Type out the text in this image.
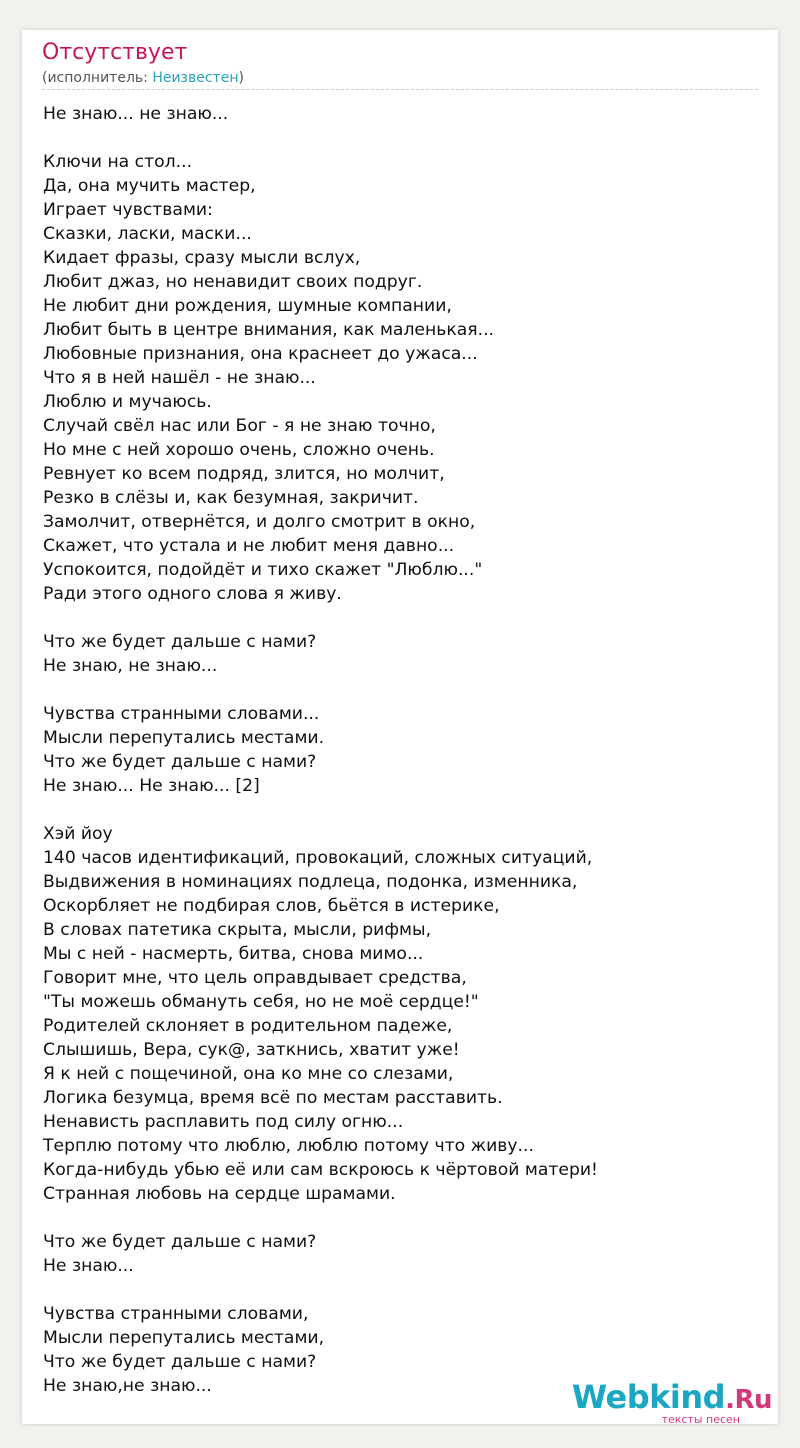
Отсутствует
(исполнитель: Неизвестен)
Не знаю... не знаю...
Ключи на стол...
Да, она мучить мастер,
Играет чувствами:
Сказки, ласки, маски...
Кидает фразы, сразу мысли вслух,
Любит джаз, но ненавидит своих подруг.
Не любит дни рождения, шумные компании,
Любит быть в центре внимания, как маленькая...
Любовные признания, она краснеет до ужаса...
Что я в ней нашёл - не знаю...
Люблю и мучаюсь.
Случай свёл нас или Бог - я не знаю точно,
Но мне с ней хорошо очень, сложно очень.
Ревнует ко всем подряд, злится, но молчит,
Резко в слёзы и, как безумная, закричит.
Замолчит, отвернётся, и долго смотрит в окно,
Скажет, что устала и не любит меня давно...
Успокоится, подойдёт и тихо скажет "Люблю..."
Ради этого одного слова я живу.
Что же будет дальше с нами?
Не знаю, не знаю...
Чувства странными словами...
Мысли перепутались местами.
Что же будет дальше с нами?
Не знаю... Не знаю... [2]
Хэй йоу
140 часов идентификаций, провокаций, сложных ситуаций,
Выдвижения в номинациях подлеца, подонка, изменника,
Оскорбляет не подбирая слов, бьётся в истерике,
В словах патетика скрыта, мысли, рифмы,
Мы с ней - насмерть, битва, снова мимо...
Говорит мне, что цель оправдывает средства,
"Ты можешь обмануть себя, но не моё сердце!"
Родителей склоняет в родительном падеже,
Слышишь, Вера, сук@, заткнись, хватит уже!
Я к ней с пощечиной, она ко мне со слезами,
Логика безумца, время всё по местам расставить.
Ненависть расплавить под силу огню...
Терплю потому что люблю, люблю потому что живу...
Когда-нибудь убью её или сам вскроюсь к чёртовой матери!
Странная любовь на сердце шрамами.
Что же будет дальше с нами?
Не знаю...
Чувства странными словами,
Мысли перепутались местами,
Что же будет дальше с нами?
Не знаю,не знаю...	Webkind.Ru
тексты песен
